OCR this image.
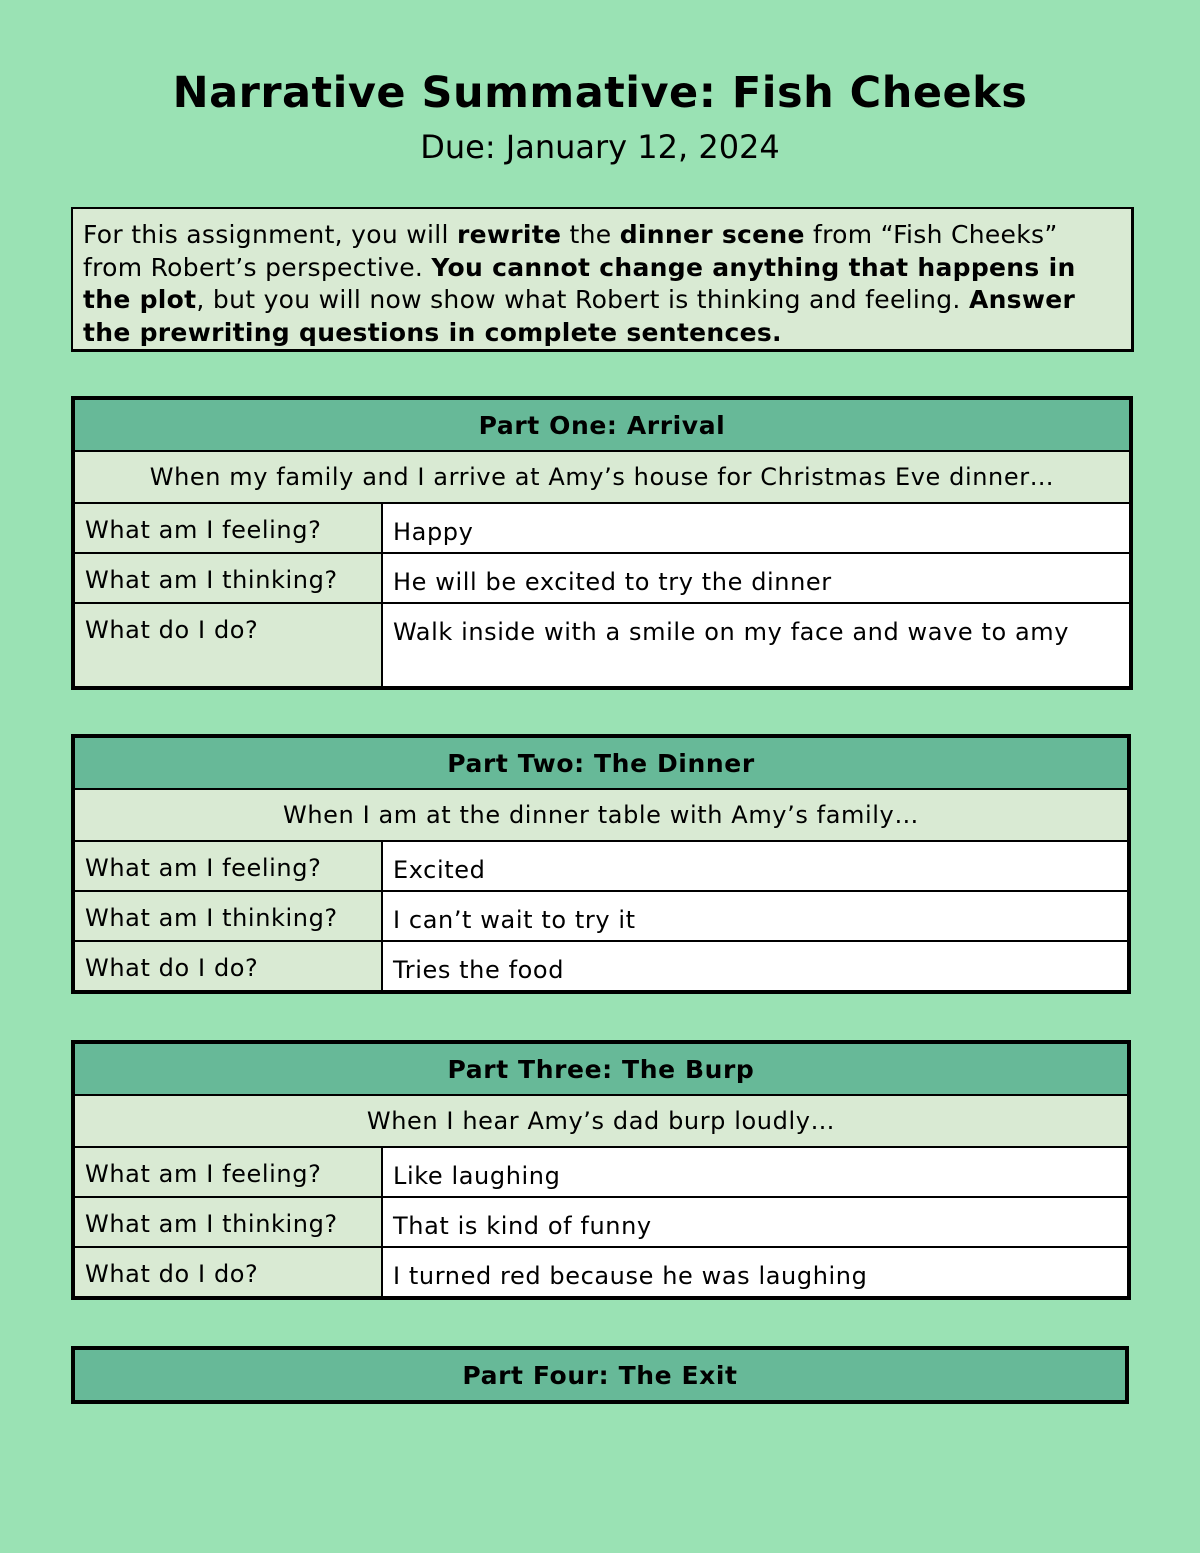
Narrative Summative: Fish Cheeks
Due: January 12, 2024
For this assignment, you will rewrite the dinner scene from “Fish Cheeks” from Robert’s perspective. You cannot change anything that happens in the plot, but you will now show what Robert is thinking and feeling. Answer the prewriting questions in complete sentences.
Part One: Arrival	
When my family and I arrive at Amy’s house for Christmas Eve dinner…	
What am I feeling?	Happy
What am I thinking?	He will be excited to try the dinner
What do I do?	Walk inside with a smile on my face and wave to amy
Part Two: The Dinner	
When I am at the dinner table with Amy’s family…	
What am I feeling?	Excited
What am I thinking?	I can’t wait to try it
What do I do?	Tries the food
Part Three: The Burp	
When I hear Amy’s dad burp loudly…	
What am I feeling?	Like laughing
What am I thinking?	That is kind of funny
What do I do?	I turned red because he was laughing
Part Four: The Exit
